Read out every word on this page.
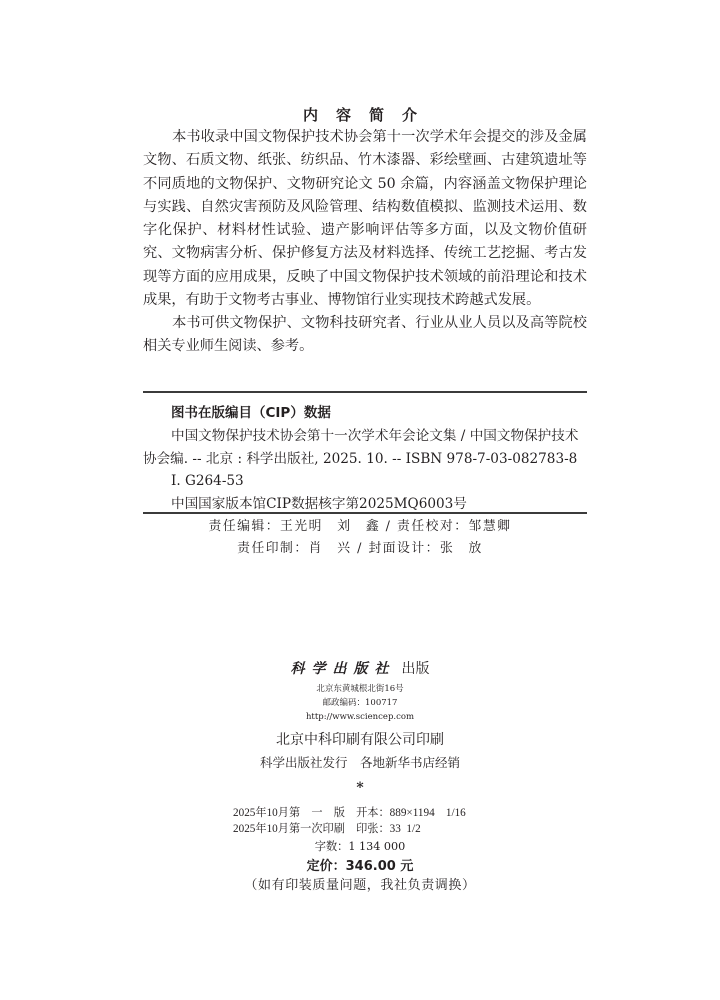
内容简介
本书收录中国文物保护技术协会第十一次学术年会提交的涉及金属文物、石质文物、纸张、纺织品、竹木漆器、彩绘壁画、古建筑遗址等不同质地的文物保护、文物研究论文 50 余篇，内容涵盖文物保护理论与实践、自然灾害预防及风险管理、结构数值模拟、监测技术运用、数字化保护、材料材性试验、遗产影响评估等多方面，以及文物价值研究、文物病害分析、保护修复方法及材料选择、传统工艺挖掘、考古发现等方面的应用成果，反映了中国文物保护技术领域的前沿理论和技术成果，有助于文物考古事业、博物馆行业实现技术跨越式发展。
本书可供文物保护、文物科技研究者、行业从业人员以及高等院校相关专业师生阅读、参考。
图书在版编目（CIP）数据
中国文物保护技术协会第十一次学术年会论文集 / 中国文物保护技术
协会编. -- 北京 : 科学出版社, 2025. 10. -- ISBN 978-7-03-082783-8
Ⅰ. G264-53
中国国家版本馆CIP数据核字第2025MQ6003号
责任编辑：王光明　刘　鑫 / 责任校对：邹慧卿
责任印制：肖　兴 / 封面设计：张　放
科学出版社 出版
北京东黄城根北街16号
邮政编码：100717
http://www.sciencep.com
北京中科印刷有限公司印刷
科学出版社发行　各地新华书店经销
*
2025年10月第　一　版　开本：889×1194　1/16
2025年10月第一次印刷　印张：33  1/2
字数：1 134 000
定价：346.00 元
（如有印装质量问题，我社负责调换）
